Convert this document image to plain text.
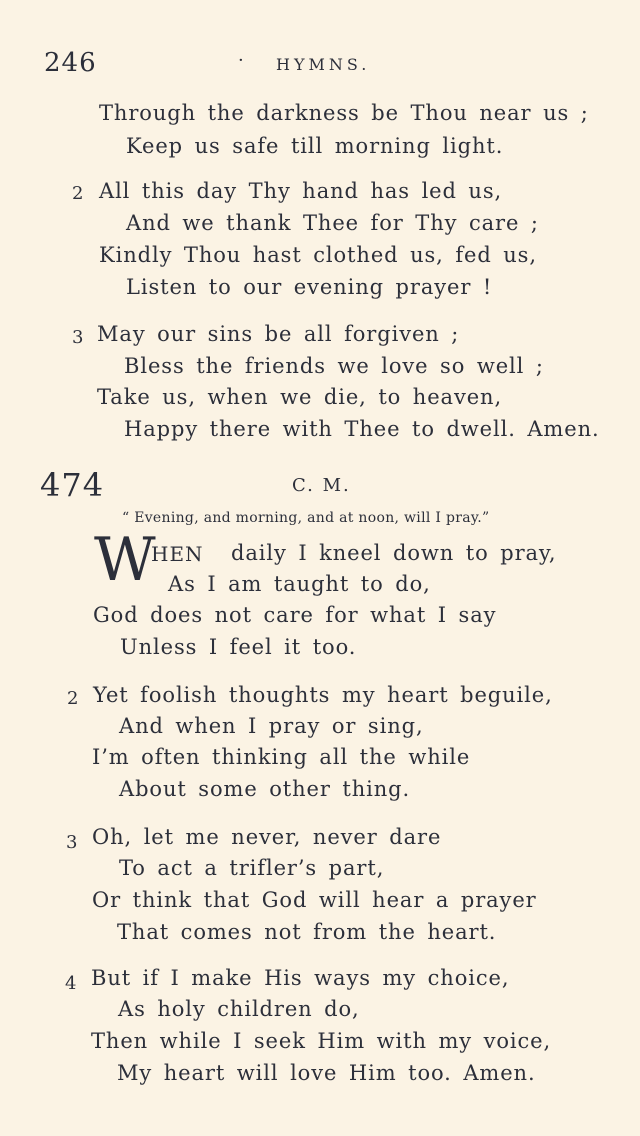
246	· HYMNS.
Through the darkness be Thou near us ;
Keep us safe till morning light.
2 All this day Thy hand has led us,
And we thank Thee for Thy care ;
Kindly Thou hast clothed us, fed us,
Listen to our evening prayer !
3 May our sins be all forgiven ;
Bless the friends we love so well ;
Take us, when we die, to heaven,
Happy there with Thee to dwell. Amen.
474	C. M.
“ Evening, and morning, and at noon, will I pray.”
W
HEN daily I kneel down to pray,
As I am taught to do,
God does not care for what I say
Unless I feel it too.
2 Yet foolish thoughts my heart beguile,
And when I pray or sing,
I’m often thinking all the while
About some other thing.
3 Oh, let me never, never dare
To act a trifler’s part,
Or think that God will hear a prayer
That comes not from the heart.
4 But if I make His ways my choice,
As holy children do,
Then while I seek Him with my voice,
My heart will love Him too. Amen.
